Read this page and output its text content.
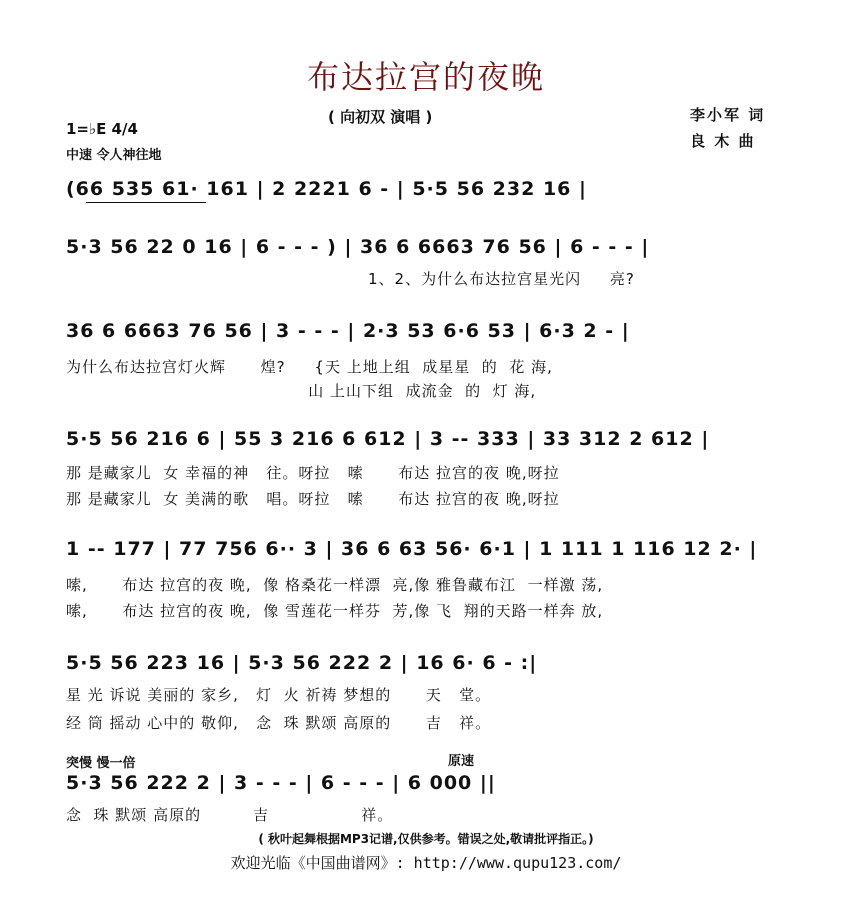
布达拉宫的夜晚
( 向初双 演唱 )	李小军 词
良 木 曲
1=♭E 4/4
中速 令人神往地
(66 535 61· 161 | 2 2221 6 - | 5·5 56 232 16 |
5·3 56 22 0 16 | 6 - - - ) | 36 6 6663 76 56 | 6 - - - |
1、2、为什么布达拉宫星光闪     亮?
36 6 6663 76 56 | 3 - - - | 2·3 53 6·6 53 | 6·3 2 - |
为什么布达拉宫灯火辉      煌?     {天 上地上组  成星星  的  花 海,
山 上山下组  成流金  的  灯 海,
5·5 56 216 6 | 55 3 216 6 612 | 3 -- 333 | 33 312 2 612 |
那 是藏家儿  女 幸福的神   往。呀拉   嗦      布达 拉宫的夜 晚,呀拉
那 是藏家儿  女 美满的歌   唱。呀拉   嗦      布达 拉宫的夜 晚,呀拉
1 -- 177 | 77 756 6·· 3 | 36 6 63 56· 6·1 | 1 111 1 116 12 2· |
嗦,      布达 拉宫的夜 晚,  像 格桑花一样漂  亮,像 雅鲁藏布江  一样激 荡,
嗦,      布达 拉宫的夜 晚,  像 雪莲花一样芬  芳,像 飞  翔的天路一样奔 放,
5·5 56 223 16 | 5·3 56 222 2 | 16 6· 6 - :|
星 光 诉说 美丽的 家乡,   灯  火 祈祷 梦想的      天   堂。
经 筒 摇动 心中的 敬仰,   念  珠 默颂 高原的      吉   祥。
突慢 慢一倍	原速
5·3 56 222 2 | 3 - - - | 6 - - - | 6 000 ||
念  珠 默颂 高原的         吉                祥。
( 秋叶起舞根据MP3记谱,仅供参考。错误之处,敬请批评指正。)
欢迎光临《中国曲谱网》: http://www.qupu123.com/
